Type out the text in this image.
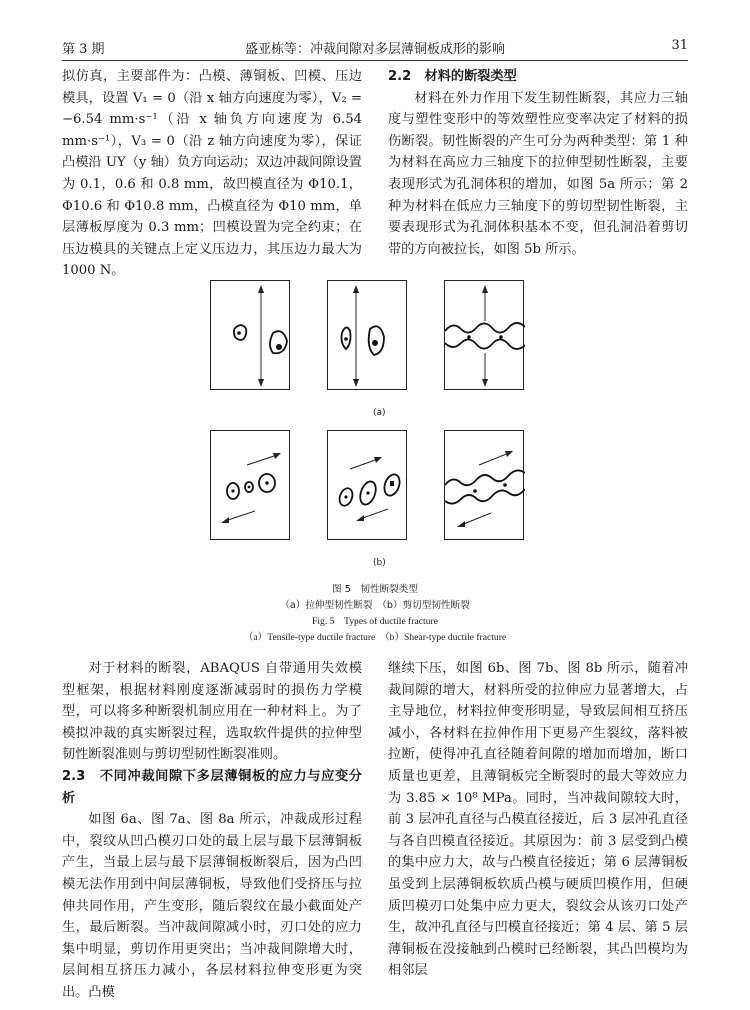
第 3 期	盛亚栋等：冲裁间隙对多层薄铜板成形的影响	31

拟仿真，主要部件为：凸模、薄铜板、凹模、压边模具，设置 V₁ = 0（沿 x 轴方向速度为零），V₂ = −6.54 mm·s⁻¹（沿 x 轴负方向速度为 6.54 mm·s⁻¹），V₃ = 0（沿 z 轴方向速度为零），保证凸模沿 UY（y 轴）负方向运动；双边冲裁间隙设置为 0.1，0.6 和 0.8 mm，故凹模直径为 Φ10.1，Φ10.6 和 Φ10.8 mm，凸模直径为 Φ10 mm，单层薄板厚度为 0.3 mm；凹模设置为完全约束；在压边模具的关键点上定义压边力，其压边力最大为 1000 N。

2.2　材料的断裂类型

材料在外力作用下发生韧性断裂，其应力三轴度与塑性变形中的等效塑性应变率决定了材料的损伤断裂。韧性断裂的产生可分为两种类型：第 1 种为材料在高应力三轴度下的拉伸型韧性断裂，主要表现形式为孔洞体积的增加，如图 5a 所示；第 2 种为材料在低应力三轴度下的剪切型韧性断裂，主要表现形式为孔洞体积基本不变，但孔洞沿着剪切带的方向被拉长，如图 5b 所示。

(a)
(b)
图 5　韧性断裂类型
（a）拉伸型韧性断裂　（b）剪切型韧性断裂
Fig. 5　Types of ductile fracture
（a）Tensile-type ductile fracture　（b）Shear-type ductile fracture

对于材料的断裂，ABAQUS 自带通用失效模型框架，根据材料刚度逐渐减弱时的损伤力学模型，可以将多种断裂机制应用在一种材料上。为了模拟冲裁的真实断裂过程，选取软件提供的拉伸型韧性断裂准则与剪切型韧性断裂准则。

2.3　不同冲裁间隙下多层薄铜板的应力与应变分析

如图 6a、图 7a、图 8a 所示，冲裁成形过程中，裂纹从凹凸模刃口处的最上层与最下层薄铜板产生，当最上层与最下层薄铜板断裂后，因为凸凹模无法作用到中间层薄铜板，导致他们受挤压与拉伸共同作用，产生变形，随后裂纹在最小截面处产生，最后断裂。当冲裁间隙减小时，刃口处的应力集中明显，剪切作用更突出；当冲裁间隙增大时，层间相互挤压力减小，各层材料拉伸变形更为突出。凸模

继续下压，如图 6b、图 7b、图 8b 所示，随着冲裁间隙的增大，材料所受的拉伸应力显著增大，占主导地位，材料拉伸变形明显，导致层间相互挤压减小，各材料在拉伸作用下更易产生裂纹，落料被拉断，使得冲孔直径随着间隙的增加而增加，断口质量也更差，且薄铜板完全断裂时的最大等效应力为 3.85 × 10⁸ MPa。同时，当冲裁间隙较大时，前 3 层冲孔直径与凸模直径接近，后 3 层冲孔直径与各自凹模直径接近。其原因为：前 3 层受到凸模的集中应力大，故与凸模直径接近；第 6 层薄铜板虽受到上层薄铜板软质凸模与硬质凹模作用，但硬质凹模刃口处集中应力更大，裂纹会从该刃口处产生，故冲孔直径与凹模直径接近；第 4 层、第 5 层薄铜板在没接触到凸模时已经断裂，其凸凹模均为相邻层
